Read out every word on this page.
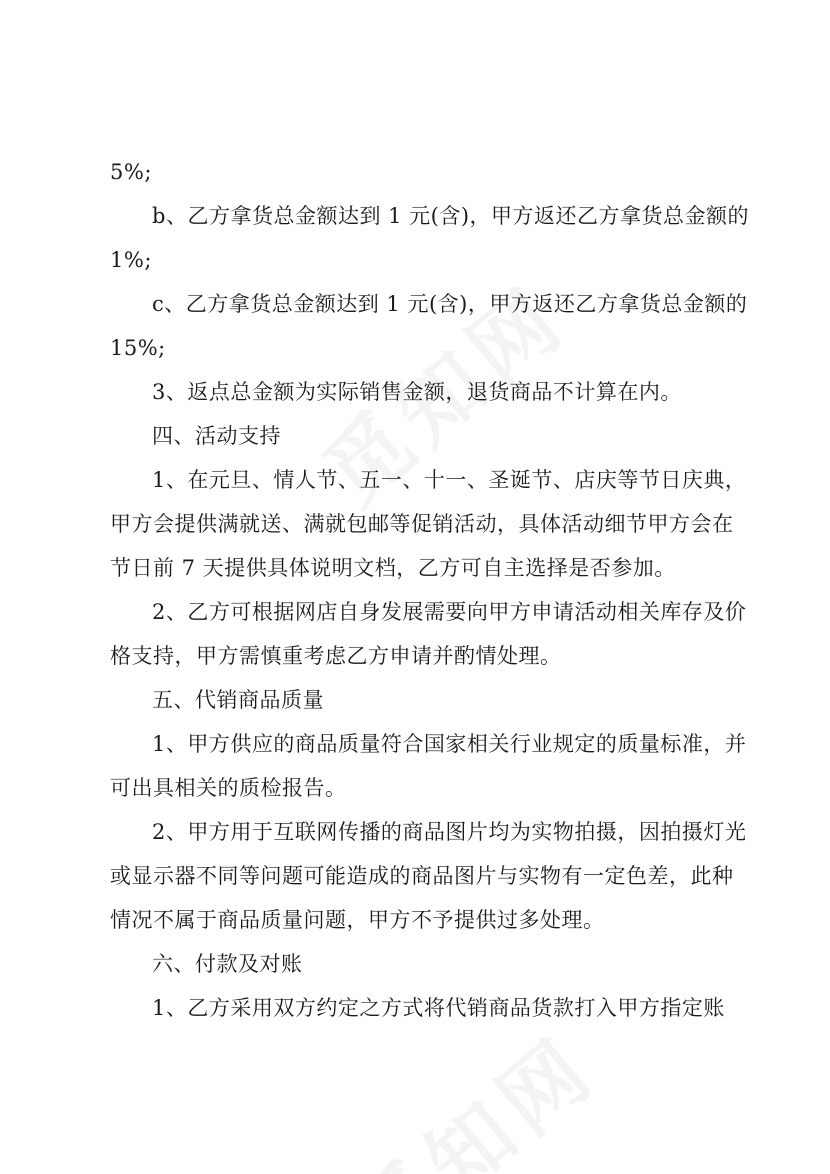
5%;
b、乙方拿货总金额达到 1 元(含)，甲方返还乙方拿货总金额的
1%;
c、乙方拿货总金额达到 1 元(含)，甲方返还乙方拿货总金额的
15%;
3、返点总金额为实际销售金额，退货商品不计算在内。
四、活动支持
1、在元旦、情人节、五一、十一、圣诞节、店庆等节日庆典，
甲方会提供满就送、满就包邮等促销活动，具体活动细节甲方会在
节日前 7 天提供具体说明文档，乙方可自主选择是否参加。
2、乙方可根据网店自身发展需要向甲方申请活动相关库存及价
格支持，甲方需慎重考虑乙方申请并酌情处理。
五、代销商品质量
1、甲方供应的商品质量符合国家相关行业规定的质量标准，并
可出具相关的质检报告。
2、甲方用于互联网传播的商品图片均为实物拍摄，因拍摄灯光
或显示器不同等问题可能造成的商品图片与实物有一定色差，此种
情况不属于商品质量问题，甲方不予提供过多处理。
六、付款及对账
1、乙方采用双方约定之方式将代销商品货款打入甲方指定账
